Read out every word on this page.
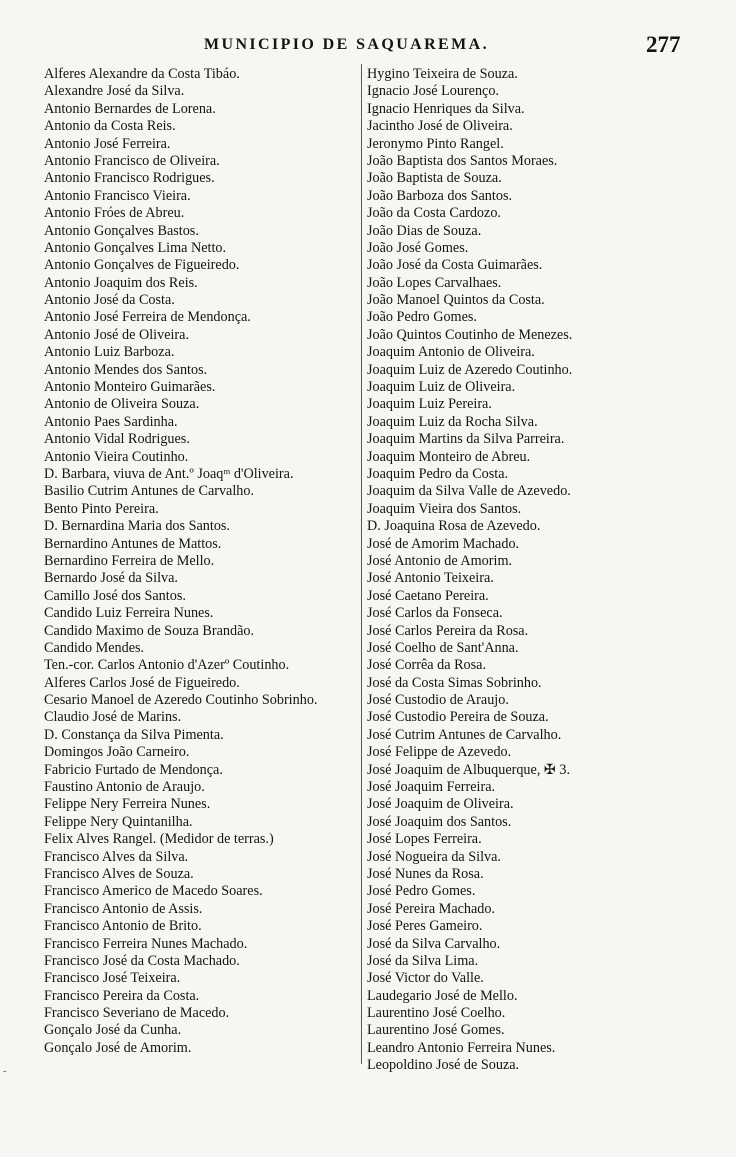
MUNICIPIO DE SAQUAREMA.	277
Alferes Alexandre da Costa Tibáo.
Alexandre José da Silva.
Antonio Bernardes de Lorena.
Antonio da Costa Reis.
Antonio José Ferreira.
Antonio Francisco de Oliveira.
Antonio Francisco Rodrigues.
Antonio Francisco Vieira.
Antonio Fróes de Abreu.
Antonio Gonçalves Bastos.
Antonio Gonçalves Lima Netto.
Antonio Gonçalves de Figueiredo.
Antonio Joaquim dos Reis.
Antonio José da Costa.
Antonio José Ferreira de Mendonça.
Antonio José de Oliveira.
Antonio Luiz Barboza.
Antonio Mendes dos Santos.
Antonio Monteiro Guimarães.
Antonio de Oliveira Souza.
Antonio Paes Sardinha.
Antonio Vidal Rodrigues.
Antonio Vieira Coutinho.
D. Barbara, viuva de Ant.º Joaqᵐ d'Oliveira.
Basilio Cutrim Antunes de Carvalho.
Bento Pinto Pereira.
D. Bernardina Maria dos Santos.
Bernardino Antunes de Mattos.
Bernardino Ferreira de Mello.
Bernardo José da Silva.
Camillo José dos Santos.
Candido Luiz Ferreira Nunes.
Candido Maximo de Souza Brandão.
Candido Mendes.
Ten.-cor. Carlos Antonio d'Azerº Coutinho.
Alferes Carlos José de Figueiredo.
Cesario Manoel de Azeredo Coutinho Sobrinho.
Claudio José de Marins.
D. Constança da Silva Pimenta.
Domingos João Carneiro.
Fabricio Furtado de Mendonça.
Faustino Antonio de Araujo.
Felippe Nery Ferreira Nunes.
Felippe Nery Quintanilha.
Felix Alves Rangel. (Medidor de terras.)
Francisco Alves da Silva.
Francisco Alves de Souza.
Francisco Americo de Macedo Soares.
Francisco Antonio de Assis.
Francisco Antonio de Brito.
Francisco Ferreira Nunes Machado.
Francisco José da Costa Machado.
Francisco José Teixeira.
Francisco Pereira da Costa.
Francisco Severiano de Macedo.
Gonçalo José da Cunha.
Gonçalo José de Amorim.
Hygino Teixeira de Souza.
Ignacio José Lourenço.
Ignacio Henriques da Silva.
Jacintho José de Oliveira.
Jeronymo Pinto Rangel.
João Baptista dos Santos Moraes.
João Baptista de Souza.
João Barboza dos Santos.
João da Costa Cardozo.
João Dias de Souza.
João José Gomes.
João José da Costa Guimarães.
João Lopes Carvalhaes.
João Manoel Quintos da Costa.
João Pedro Gomes.
João Quintos Coutinho de Menezes.
Joaquim Antonio de Oliveira.
Joaquim Luiz de Azeredo Coutinho.
Joaquim Luiz de Oliveira.
Joaquim Luiz Pereira.
Joaquim Luiz da Rocha Silva.
Joaquim Martins da Silva Parreira.
Joaquim Monteiro de Abreu.
Joaquim Pedro da Costa.
Joaquim da Silva Valle de Azevedo.
Joaquim Vieira dos Santos.
D. Joaquina Rosa de Azevedo.
José de Amorim Machado.
José Antonio de Amorim.
José Antonio Teixeira.
José Caetano Pereira.
José Carlos da Fonseca.
José Carlos Pereira da Rosa.
José Coelho de Sant'Anna.
José Corrêa da Rosa.
José da Costa Simas Sobrinho.
José Custodio de Araujo.
José Custodio Pereira de Souza.
José Cutrim Antunes de Carvalho.
José Felippe de Azevedo.
José Joaquim de Albuquerque, ✠ 3.
José Joaquim Ferreira.
José Joaquim de Oliveira.
José Joaquim dos Santos.
José Lopes Ferreira.
José Nogueira da Silva.
José Nunes da Rosa.
José Pedro Gomes.
José Pereira Machado.
José Peres Gameiro.
José da Silva Carvalho.
José da Silva Lima.
José Victor do Valle.
Laudegario José de Mello.
Laurentino José Coelho.
Laurentino José Gomes.
Leandro Antonio Ferreira Nunes.
Leopoldino José de Souza.
˷
